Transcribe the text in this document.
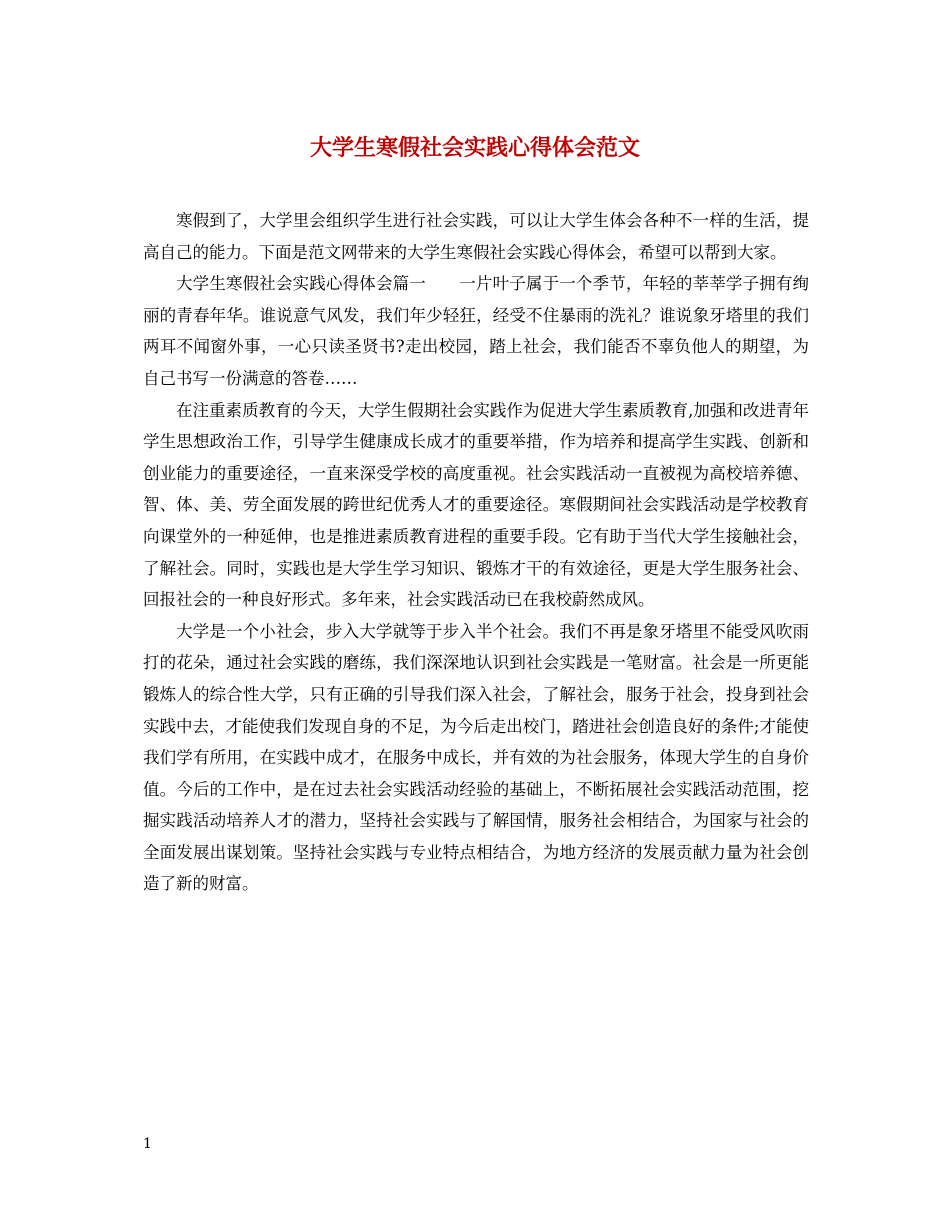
大学生寒假社会实践心得体会范文

寒假到了，大学里会组织学生进行社会实践，可以让大学生体会各种不一样的生活，提高自己的能力。下面是范文网带来的大学生寒假社会实践心得体会，希望可以帮到大家。

大学生寒假社会实践心得体会篇一　　一片叶子属于一个季节，年轻的莘莘学子拥有绚丽的青春年华。谁说意气风发，我们年少轻狂，经受不住暴雨的洗礼？谁说象牙塔里的我们两耳不闻窗外事，一心只读圣贤书?走出校园，踏上社会，我们能否不辜负他人的期望，为自己书写一份满意的答卷……

在注重素质教育的今天，大学生假期社会实践作为促进大学生素质教育,加强和改进青年学生思想政治工作，引导学生健康成长成才的重要举措，作为培养和提高学生实践、创新和创业能力的重要途径，一直来深受学校的高度重视。社会实践活动一直被视为高校培养德、智、体、美、劳全面发展的跨世纪优秀人才的重要途径。寒假期间社会实践活动是学校教育向课堂外的一种延伸，也是推进素质教育进程的重要手段。它有助于当代大学生接触社会，了解社会。同时，实践也是大学生学习知识、锻炼才干的有效途径，更是大学生服务社会、回报社会的一种良好形式。多年来，社会实践活动已在我校蔚然成风。

大学是一个小社会，步入大学就等于步入半个社会。我们不再是象牙塔里不能受风吹雨打的花朵，通过社会实践的磨练，我们深深地认识到社会实践是一笔财富。社会是一所更能锻炼人的综合性大学，只有正确的引导我们深入社会，了解社会，服务于社会，投身到社会实践中去，才能使我们发现自身的不足，为今后走出校门，踏进社会创造良好的条件;才能使我们学有所用，在实践中成才，在服务中成长，并有效的为社会服务，体现大学生的自身价值。今后的工作中，是在过去社会实践活动经验的基础上，不断拓展社会实践活动范围，挖掘实践活动培养人才的潜力，坚持社会实践与了解国情，服务社会相结合，为国家与社会的全面发展出谋划策。坚持社会实践与专业特点相结合，为地方经济的发展贡献力量为社会创造了新的财富。

1
